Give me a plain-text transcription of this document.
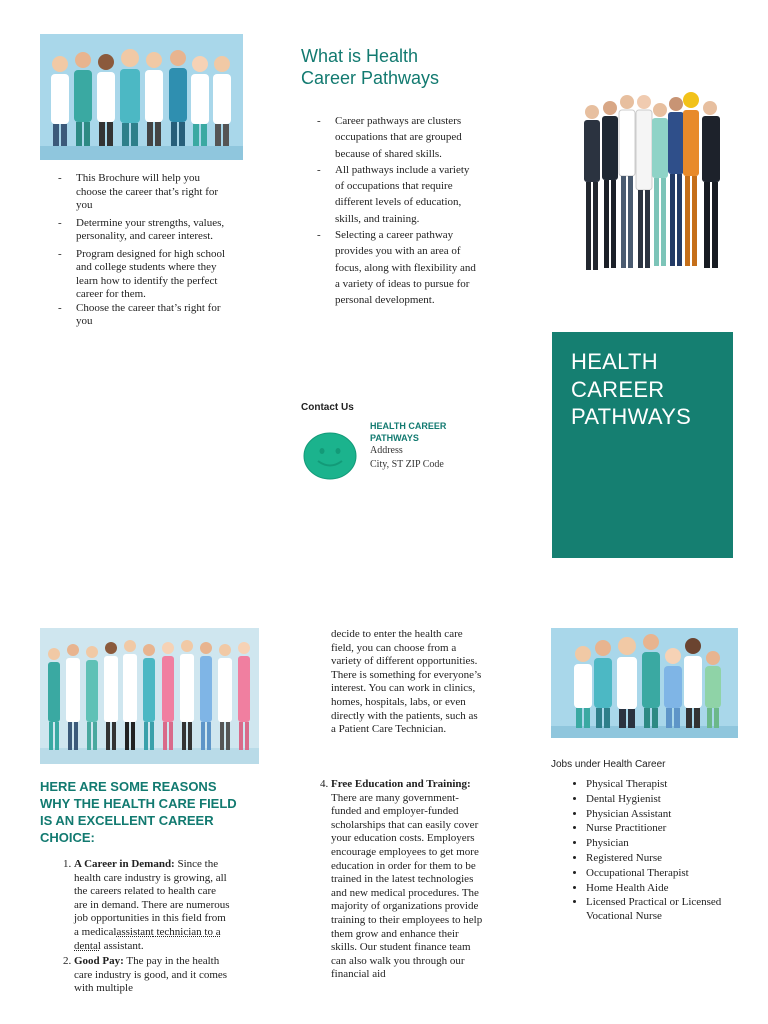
- This Brochure will help you choose the career that’s right for you
- Determine your strengths, values, personality, and career interest.
- Program designed for high school and college students where they learn how to identify the perfect career for them.
- Choose the career that’s right for you
What is Health
Career Pathways
- Career pathways are clusters occupations that are grouped because of shared skills.
- All pathways include a variety of occupations that require different levels of education, skills, and training.
- Selecting a career pathway provides you with an area of focus, along with flexibility and a variety of ideas to pursue for personal development.
Contact Us
HEALTH CAREER
PATHWAYS
Address
City, ST ZIP Code
HEALTH
CAREER
PATHWAYS
HERE ARE SOME REASONS WHY THE HEALTH CARE FIELD IS AN EXCELLENT CAREER CHOICE:
1. A Career in Demand: Since the health care industry is growing, all the careers related to health care are in demand. There are numerous job opportunities in this field from a medicalassistant technician to a dental assistant.
2. Good Pay: The pay in the health care industry is good, and it comes with multiple
decide to enter the health care field, you can choose from a variety of different opportunities. There is something for everyone’s interest. You can work in clinics, homes, hospitals, labs, or even directly with the patients, such as a Patient Care Technician.
4. Free Education and Training: There are many government-funded and employer-funded scholarships that can easily cover your education costs. Employers encourage employees to get more education in order for them to be trained in the latest technologies and new medical procedures. The majority of organizations provide training to their employees to help them grow and enhance their skills. Our student finance team can also walk you through our financial aid
Jobs under Health Career
• Physical Therapist
• Dental Hygienist
• Physician Assistant
• Nurse Practitioner
• Physician
• Registered Nurse
• Occupational Therapist
• Home Health Aide
• Licensed Practical or Licensed Vocational Nurse
